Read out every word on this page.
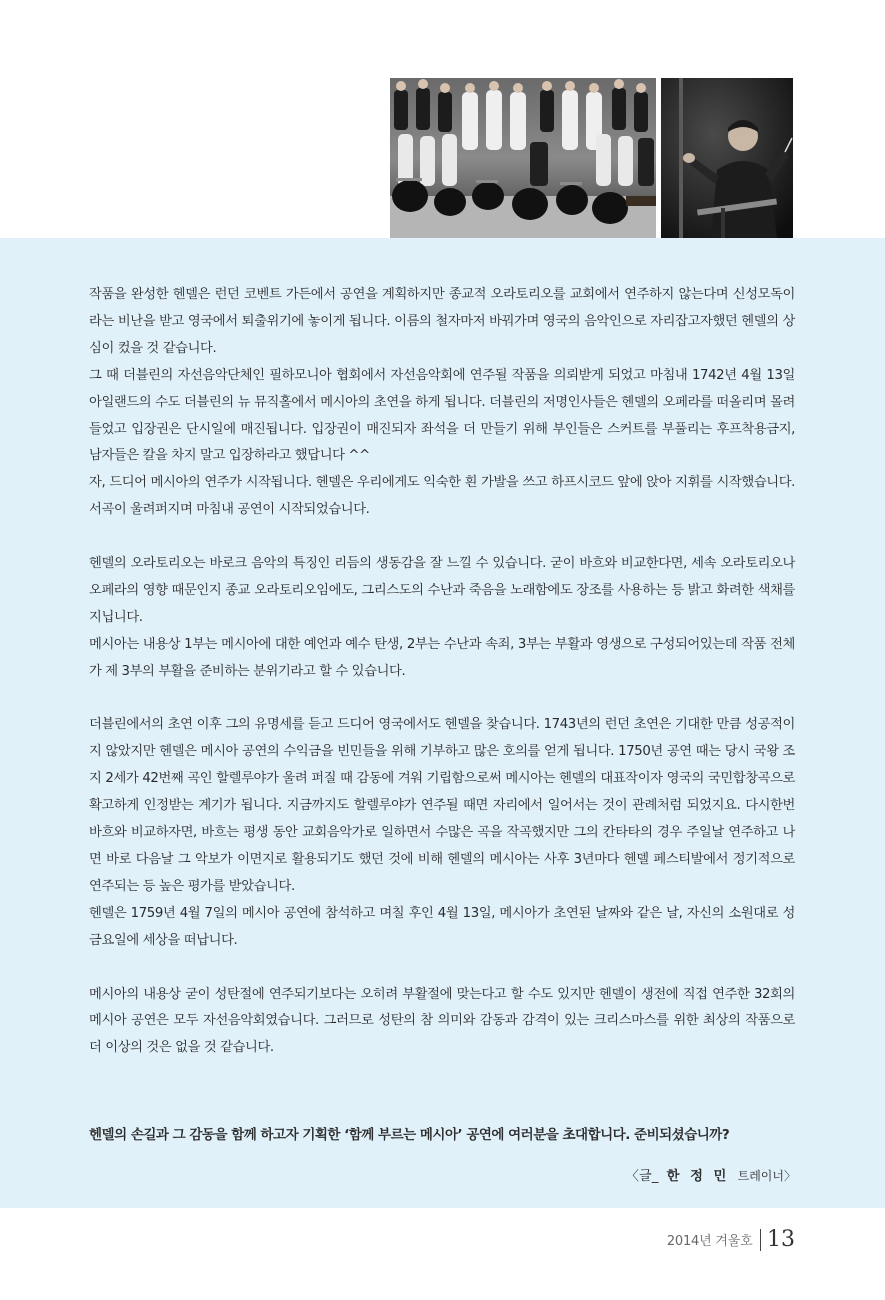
작품을 완성한 헨델은 런던 코벤트 가든에서 공연을 계획하지만 종교적 오라토리오를 교회에서 연주하지 않는다며 신성모독이라는 비난을 받고 영국에서 퇴출위기에 놓이게 됩니다. 이름의 철자마저 바꿔가며 영국의 음악인으로 자리잡고자했던 헨델의 상심이 컸을 것 같습니다.

그 때 더블린의 자선음악단체인 필하모니아 협회에서 자선음악회에 연주될 작품을 의뢰받게 되었고 마침내 1742년 4월 13일 아일랜드의 수도 더블린의 뉴 뮤직홀에서 메시아의 초연을 하게 됩니다. 더블린의 저명인사들은 헨델의 오페라를 떠올리며 몰려들었고 입장권은 단시일에 매진됩니다. 입장권이 매진되자 좌석을 더 만들기 위해 부인들은 스커트를 부풀리는 후프착용금지, 남자들은 칼을 차지 말고 입장하라고 했답니다 ^^

자, 드디어 메시아의 연주가 시작됩니다. 헨델은 우리에게도 익숙한 흰 가발을 쓰고 하프시코드 앞에 앉아 지휘를 시작했습니다. 서곡이 울려퍼지며 마침내 공연이 시작되었습니다.

헨델의 오라토리오는 바로크 음악의 특징인 리듬의 생동감을 잘 느낄 수 있습니다. 굳이 바흐와 비교한다면, 세속 오라토리오나 오페라의 영향 때문인지 종교 오라토리오임에도, 그리스도의 수난과 죽음을 노래함에도 장조를 사용하는 등 밝고 화려한 색채를 지닙니다.

메시아는 내용상 1부는 메시아에 대한 예언과 예수 탄생, 2부는 수난과 속죄, 3부는 부활과 영생으로 구성되어있는데 작품 전체가 제 3부의 부활을 준비하는 분위기라고 할 수 있습니다.

더블린에서의 초연 이후 그의 유명세를 듣고 드디어 영국에서도 헨델을 찾습니다. 1743년의 런던 초연은 기대한 만큼 성공적이지 않았지만 헨델은 메시아 공연의 수익금을 빈민들을 위해 기부하고 많은 호의를 얻게 됩니다. 1750년 공연 때는 당시 국왕 조지 2세가 42번째 곡인 할렐루야가 울려 퍼질 때 감동에 겨워 기립함으로써 메시아는 헨델의 대표작이자 영국의 국민합창곡으로 확고하게 인정받는 계기가 됩니다. 지금까지도 할렐루야가 연주될 때면 자리에서 일어서는 것이 관례처럼 되었지요. 다시한번 바흐와 비교하자면, 바흐는 평생 동안 교회음악가로 일하면서 수많은 곡을 작곡했지만 그의 칸타타의 경우 주일날 연주하고 나면 바로 다음날 그 악보가 이면지로 활용되기도 했던 것에 비해 헨델의 메시아는 사후 3년마다 헨델 페스티발에서 정기적으로 연주되는 등 높은 평가를 받았습니다.

헨델은 1759년 4월 7일의 메시아 공연에 참석하고 며칠 후인 4월 13일, 메시아가 초연된 날짜와 같은 날, 자신의 소원대로 성 금요일에 세상을 떠납니다.

메시아의 내용상 굳이 성탄절에 연주되기보다는 오히려 부활절에 맞는다고 할 수도 있지만 헨델이 생전에 직접 연주한 32회의 메시아 공연은 모두 자선음악회였습니다. 그러므로 성탄의 참 의미와 감동과 감격이 있는 크리스마스를 위한 최상의 작품으로 더 이상의 것은 없을 것 같습니다.

헨델의 손길과 그 감동을 함께 하고자 기획한 ‘함께 부르는 메시아’ 공연에 여러분을 초대합니다. 준비되셨습니까?
〈글_ 한 정 민 트레이너〉
2014년 겨울호 13
